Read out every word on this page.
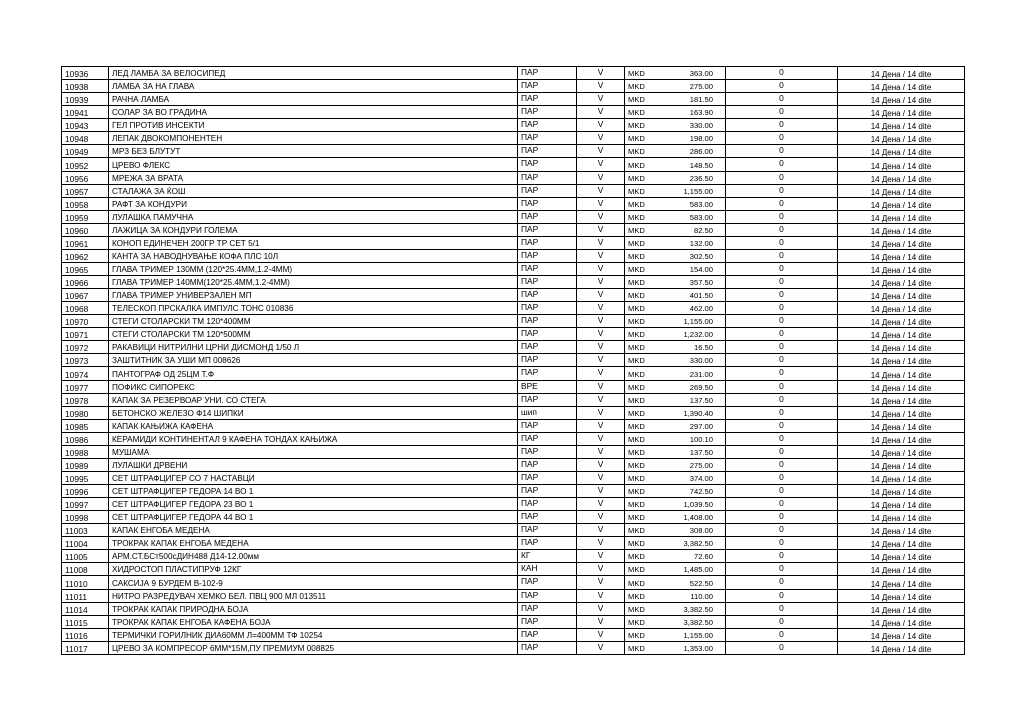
10936	ЛЕД ЛАМБА ЗА ВЕЛОСИПЕД	ПАР	V	MKD	363.00	0	14 Дена / 14 dite
10938	ЛАМБА ЗА НА ГЛАВА	ПАР	V	MKD	275.00	0	14 Дена / 14 dite
10939	РАЧНА ЛАМБА	ПАР	V	MKD	181.50	0	14 Дена / 14 dite
10941	СОЛАР ЗА ВО ГРАДИНА	ПАР	V	MKD	163.90	0	14 Дена / 14 dite
10943	ГЕЛ ПРОТИВ ИНСЕКТИ	ПАР	V	MKD	330.00	0	14 Дена / 14 dite
10948	ЛЕПАК ДВОКОМПОНЕНТЕН	ПАР	V	MKD	198.00	0	14 Дена / 14 dite
10949	МРЗ БЕЗ БЛУТУТ	ПАР	V	MKD	286.00	0	14 Дена / 14 dite
10952	ЦРЕВО ФЛЕКС	ПАР	V	MKD	148.50	0	14 Дена / 14 dite
10956	МРЕЖА ЗА ВРАТА	ПАР	V	MKD	236.50	0	14 Дена / 14 dite
10957	СТАЛАЖА ЗА ЌОШ	ПАР	V	MKD	1,155.00	0	14 Дена / 14 dite
10958	РАФТ ЗА КОНДУРИ	ПАР	V	MKD	583.00	0	14 Дена / 14 dite
10959	ЛУЛАШКА ПАМУЧНА	ПАР	V	MKD	583.00	0	14 Дена / 14 dite
10960	ЛАЖИЦА ЗА КОНДУРИ ГОЛЕМА	ПАР	V	MKD	82.50	0	14 Дена / 14 dite
10961	КОНОП ЕДИНЕЧЕН 200ГР ТР СЕТ 5/1	ПАР	V	MKD	132.00	0	14 Дена / 14 dite
10962	КАНТА ЗА НАВОДНУВАЊЕ КОФА ПЛС 10Л	ПАР	V	MKD	302.50	0	14 Дена / 14 dite
10965	ГЛАВА ТРИМЕР 130ММ (120*25.4ММ,1.2-4ММ)	ПАР	V	MKD	154.00	0	14 Дена / 14 dite
10966	ГЛАВА ТРИМЕР 140ММ(120*25.4ММ,1.2-4ММ)	ПАР	V	MKD	357.50	0	14 Дена / 14 dite
10967	ГЛАВА ТРИМЕР УНИВЕРЗАЛЕН МП	ПАР	V	MKD	401.50	0	14 Дена / 14 dite
10968	ТЕЛЕСКОП ПРСКАЛКА ИМПУЛС ТОНС 010836	ПАР	V	MKD	462.00	0	14 Дена / 14 dite
10970	СТЕГИ СТОЛАРСКИ ТМ 120*400ММ	ПАР	V	MKD	1,155.00	0	14 Дена / 14 dite
10971	СТЕГИ СТОЛАРСКИ ТМ 120*500ММ	ПАР	V	MKD	1,232.00	0	14 Дена / 14 dite
10972	РАКАВИЦИ НИТРИЛНИ ЦРНИ ДИСМОНД 1/50 Л	ПАР	V	MKD	16.50	0	14 Дена / 14 dite
10973	ЗАШТИТНИК ЗА УШИ МП 008626	ПАР	V	MKD	330.00	0	14 Дена / 14 dite
10974	ПАНТОГРАФ ОД 25ЦМ Т.Ф	ПАР	V	MKD	231.00	0	14 Дена / 14 dite
10977	ПОФИКС СИПОРЕКС	ВРЕ	V	MKD	269.50	0	14 Дена / 14 dite
10978	КАПАК ЗА РЕЗЕРВОАР УНИ. СО СТЕГА	ПАР	V	MKD	137.50	0	14 Дена / 14 dite
10980	БЕТОНСКО ЖЕЛЕЗО Ф14 ШИПКИ	шип	V	MKD	1,390.40	0	14 Дена / 14 dite
10985	КАПАК КАЊИЖА КАФЕНА	ПАР	V	MKD	297.00	0	14 Дена / 14 dite
10986	КЕРАМИДИ КОНТИНЕНТАЛ 9 КАФЕНА ТОНДАХ КАЊИЖА	ПАР	V	MKD	100.10	0	14 Дена / 14 dite
10988	МУШАМА	ПАР	V	MKD	137.50	0	14 Дена / 14 dite
10989	ЛУЛАШКИ ДРВЕНИ	ПАР	V	MKD	275.00	0	14 Дена / 14 dite
10995	СЕТ ШТРАФЦИГЕР СО 7 НАСТАВЦИ	ПАР	V	MKD	374.00	0	14 Дена / 14 dite
10996	СЕТ ШТРАФЦИГЕР ГЕДОРА 14 ВО 1	ПАР	V	MKD	742.50	0	14 Дена / 14 dite
10997	СЕТ ШТРАФЦИГЕР ГЕДОРА 23 ВО 1	ПАР	V	MKD	1,039.50	0	14 Дена / 14 dite
10998	СЕТ ШТРАФЦИГЕР ГЕДОРА 44 ВО 1	ПАР	V	MKD	1,408.00	0	14 Дена / 14 dite
11003	КАПАК ЕНГОБА МЕДЕНА	ПАР	V	MKD	308.00	0	14 Дена / 14 dite
11004	ТРОКРАК КАПАК ЕНГОБА МЕДЕНА	ПАР	V	MKD	3,382.50	0	14 Дена / 14 dite
11005	АРМ.СТ.БСт500сДИН488 Д14-12.00мм	КГ	V	MKD	72.60	0	14 Дена / 14 dite
11008	ХИДРОСТОП ПЛАСТИПРУФ 12КГ	КАН	V	MKD	1,485.00	0	14 Дена / 14 dite
11010	САКСИЈА 9 БУРДЕМ В-102-9	ПАР	V	MKD	522.50	0	14 Дена / 14 dite
11011	НИТРО РАЗРЕДУВАЧ ХЕМКО БЕЛ. ПВЦ 900 МЛ 013511	ПАР	V	MKD	110.00	0	14 Дена / 14 dite
11014	ТРОКРАК КАПАК ПРИРОДНА БОЈА	ПАР	V	MKD	3,382.50	0	14 Дена / 14 dite
11015	ТРОКРАК КАПАК ЕНГОБА КАФЕНА БОЈА	ПАР	V	MKD	3,382.50	0	14 Дена / 14 dite
11016	ТЕРМИЧКИ ГОРИЛНИК ДИА60ММ Л=400ММ ТФ 10254	ПАР	V	MKD	1,155.00	0	14 Дена / 14 dite
11017	ЦРЕВО ЗА КОМПРЕСОР 6ММ*15М,ПУ ПРЕМИУМ 008825	ПАР	V	MKD	1,353.00	0	14 Дена / 14 dite
